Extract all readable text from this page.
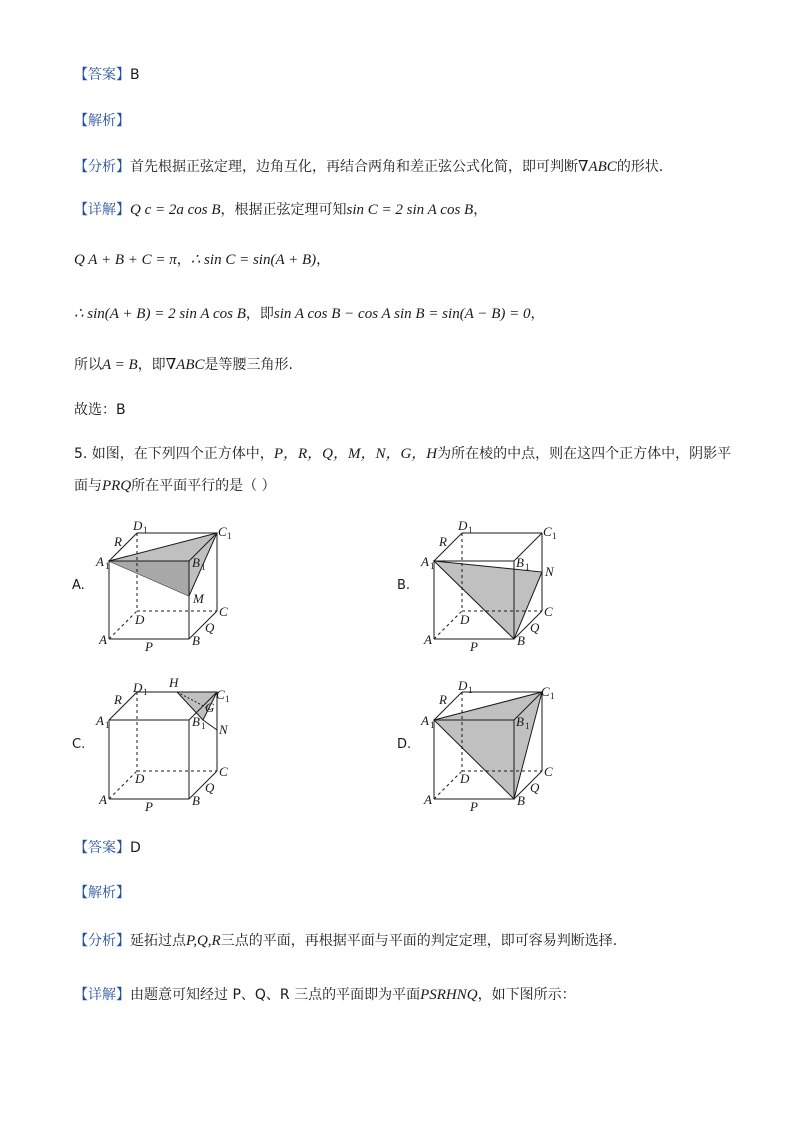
【答案】B
【解析】
【分析】首先根据正弦定理，边角互化，再结合两角和差正弦公式化简，即可判断∇ABC的形状.
【详解】Q c = 2a cos B，根据正弦定理可知sin C = 2 sin A cos B，
Q A + B + C = π，∴ sin C = sin(A + B)，
∴ sin(A + B) = 2 sin A cos B，即sin A cos B − cos A sin B = sin(A − B) = 0，
所以A = B，即∇ABC是等腰三角形.
故选：B
5. 如图，在下列四个正方体中，P，R，Q，M，N，G，H为所在棱的中点，则在这四个正方体中，阴影平
面与PRQ所在平面平行的是（ ）
A.	B.
C.	D.
D 1	C 1
R
A 1	B 1
M
D
C
Q
A	B
P
D 1	C 1
R
A 1	B 1 N
D
C
Q
A	B
P
H
D 1	C 1
R
G
A 1	B 1 N
D	C
Q
A	B
P
D 1	C 1
R
A 1	B 1
D	C
Q
A	B
P
【答案】D
【解析】
【分析】延拓过点P,Q,R三点的平面，再根据平面与平面的判定定理，即可容易判断选择.
【详解】由题意可知经过 P、Q、R 三点的平面即为平面PSRHNQ，如下图所示：
